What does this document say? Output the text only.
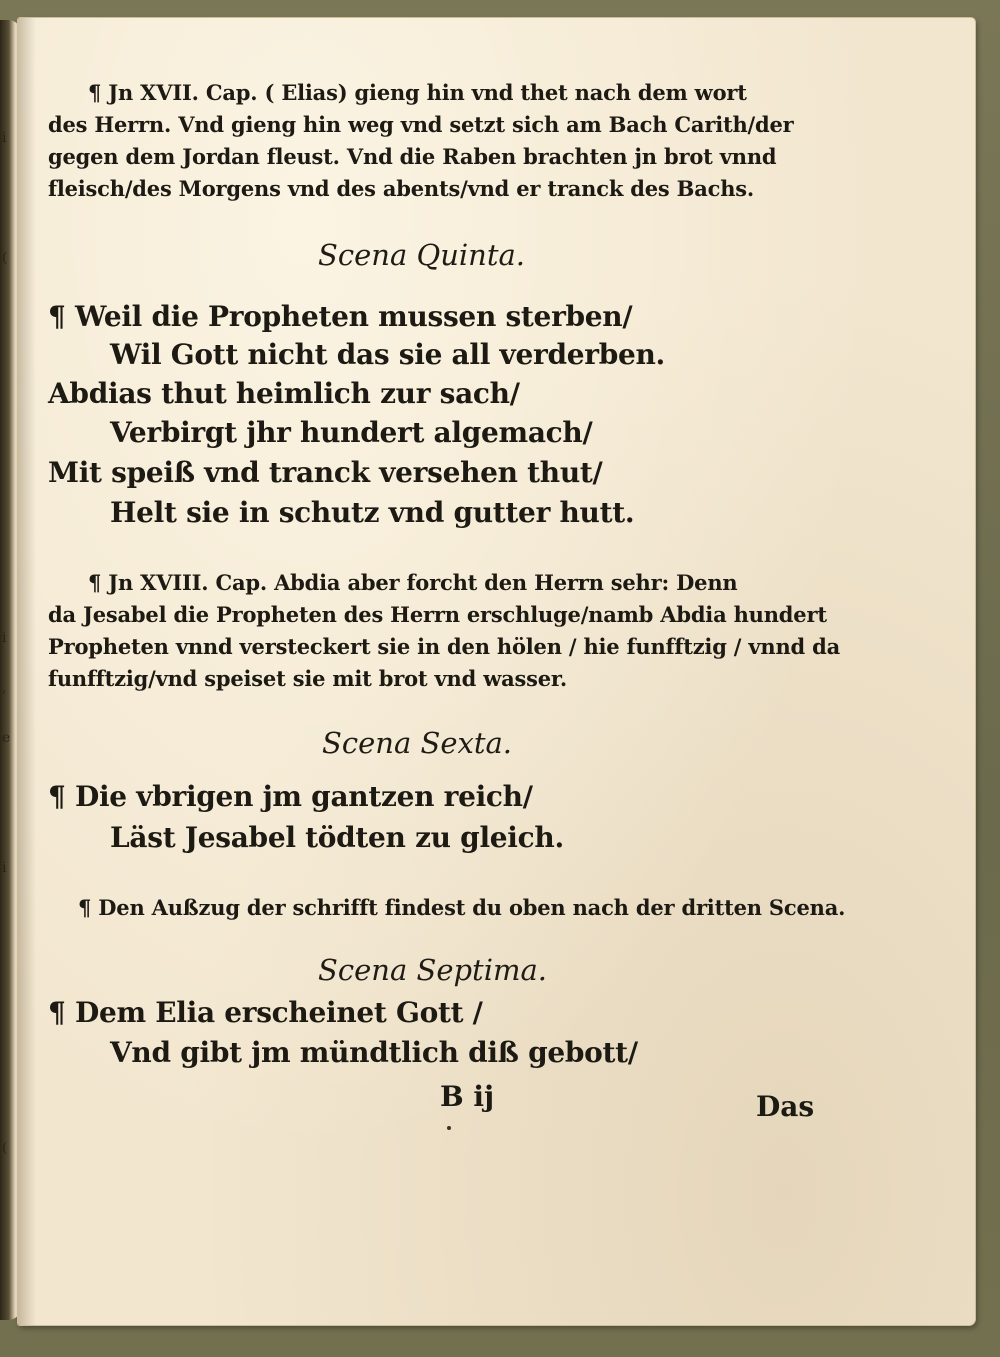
i
(
i
,
e
i
(
¶ Jn XVII. Cap. ( Elias) gieng hin vnd thet nach dem wort
des Herrn. Vnd gieng hin weg vnd setzt sich am Bach Carith/der
gegen dem Jordan fleust. Vnd die Raben brachten jn brot vnnd
fleisch/des Morgens vnd des abents/vnd er tranck des Bachs.
Scena Quinta.
¶ Weil die Propheten mussen sterben/
Wil Gott nicht das sie all verderben.
Abdias thut heimlich zur sach/
Verbirgt jhr hundert algemach/
Mit speiß vnd tranck versehen thut/
Helt sie in schutz vnd gutter hutt.
¶ Jn XVIII. Cap. Abdia aber forcht den Herrn sehr: Denn
da Jesabel die Propheten des Herrn erschluge/namb Abdia hundert
Propheten vnnd versteckert sie in den hölen / hie funfftzig / vnnd da
funfftzig/vnd speiset sie mit brot vnd wasser.
Scena Sexta.
¶ Die vbrigen jm gantzen reich/
Läst Jesabel tödten zu gleich.
¶ Den Außzug der schrifft findest du oben nach der dritten Scena.
Scena Septima.
¶ Dem Elia erscheinet Gott /
Vnd gibt jm mündtlich diß gebott/
B ij	Das
